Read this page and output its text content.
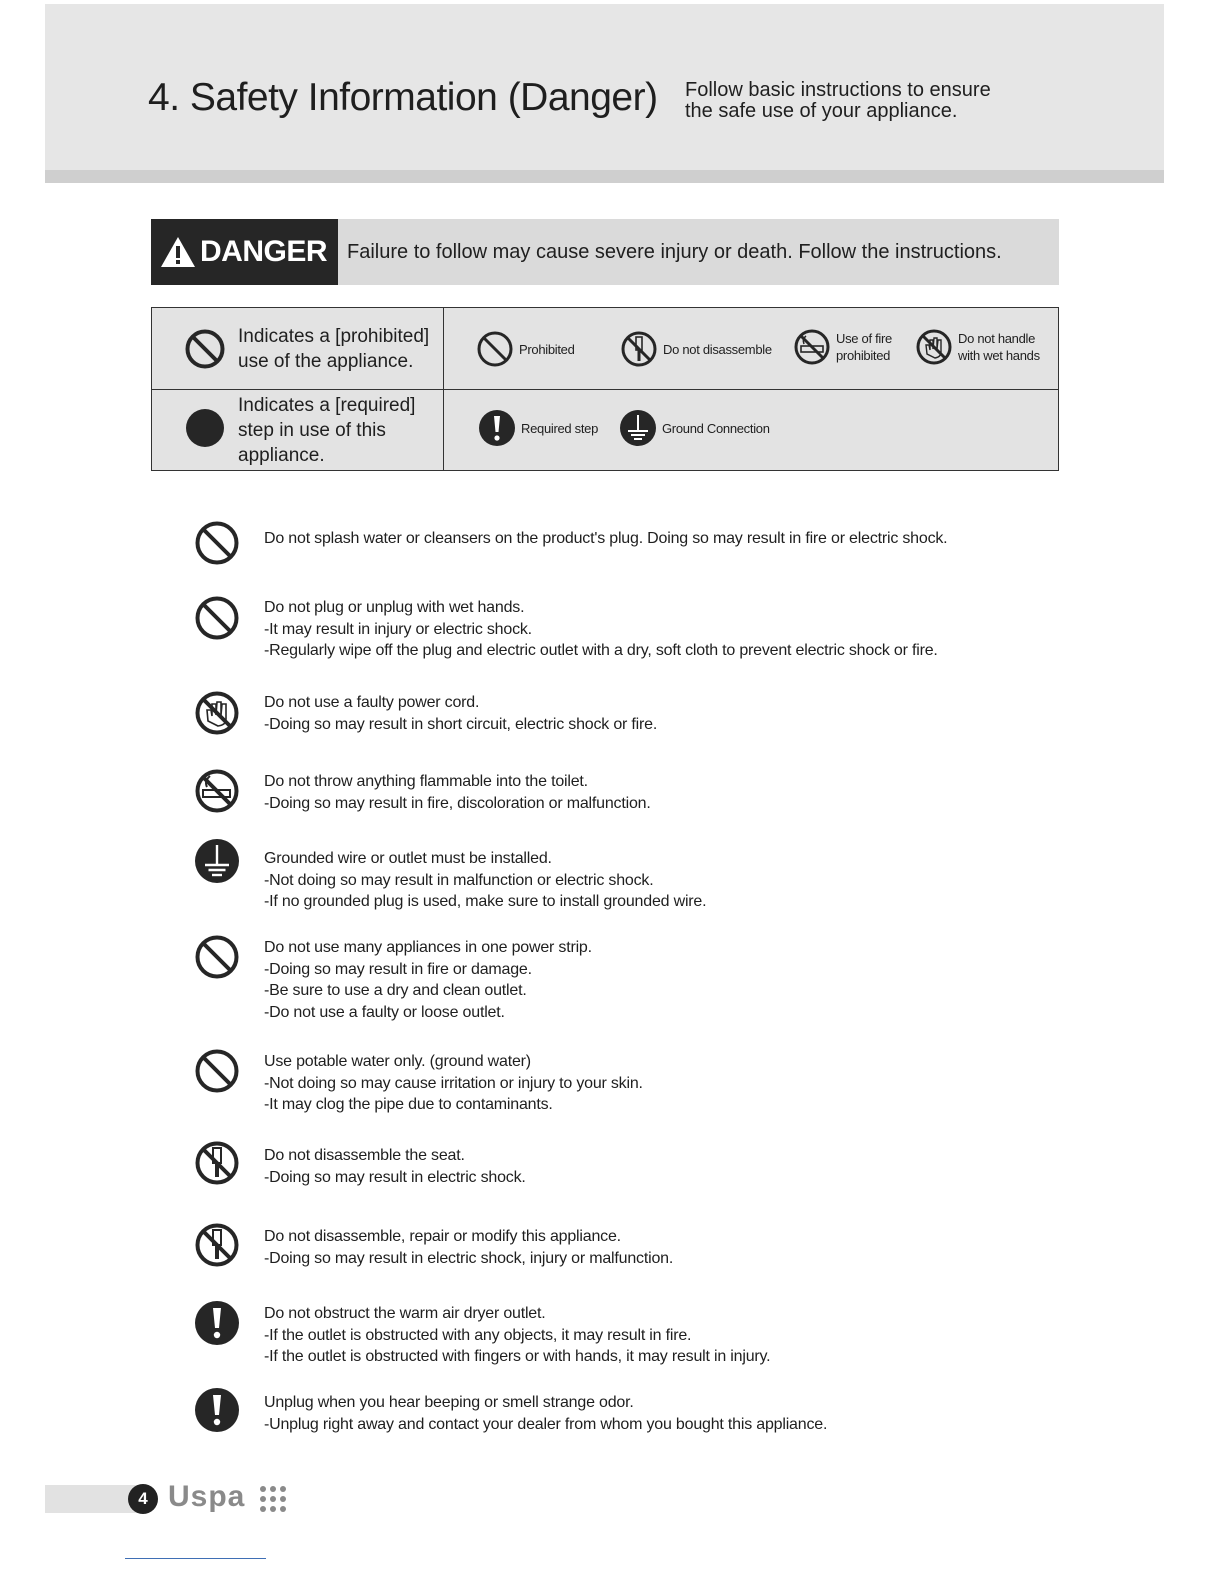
4. Safety Information (Danger) Follow basic instructions to ensure
the safe use of your appliance.
DANGER Failure to follow may cause severe injury or death. Follow the instructions.
Indicates a [prohibited] use of the appliance.
Prohibited	Do not disassemble
Use of fire
prohibited
Do not handle
with wet hands
Indicates a [required] step in use of this appliance.
Required step	Ground Connection
Do not splash water or cleansers on the product's plug. Doing so may result in fire or electric shock.
Do not plug or unplug with wet hands.
-It may result in injury or electric shock.
-Regularly wipe off the plug and electric outlet with a dry, soft cloth to prevent electric shock or fire.
Do not use a faulty power cord.
-Doing so may result in short circuit, electric shock or fire.
Do not throw anything flammable into the toilet.
-Doing so may result in fire, discoloration or malfunction.
Grounded wire or outlet must be installed.
-Not doing so may result in malfunction or electric shock.
-If no grounded plug is used, make sure to install grounded wire.
Do not use many appliances in one power strip.
-Doing so may result in fire or damage.
-Be sure to use a dry and clean outlet.
-Do not use a faulty or loose outlet.
Use potable water only. (ground water)
-Not doing so may cause irritation or injury to your skin.
-It may clog the pipe due to contaminants.
Do not disassemble the seat.
-Doing so may result in electric shock.
Do not disassemble, repair or modify this appliance.
-Doing so may result in electric shock, injury or malfunction.
Do not obstruct the warm air dryer outlet.
-If the outlet is obstructed with any objects, it may result in fire.
-If the outlet is obstructed with fingers or with hands, it may result in injury.
Unplug when you hear beeping or smell strange odor.
-Unplug right away and contact your dealer from whom you bought this appliance.
4 Uspa
